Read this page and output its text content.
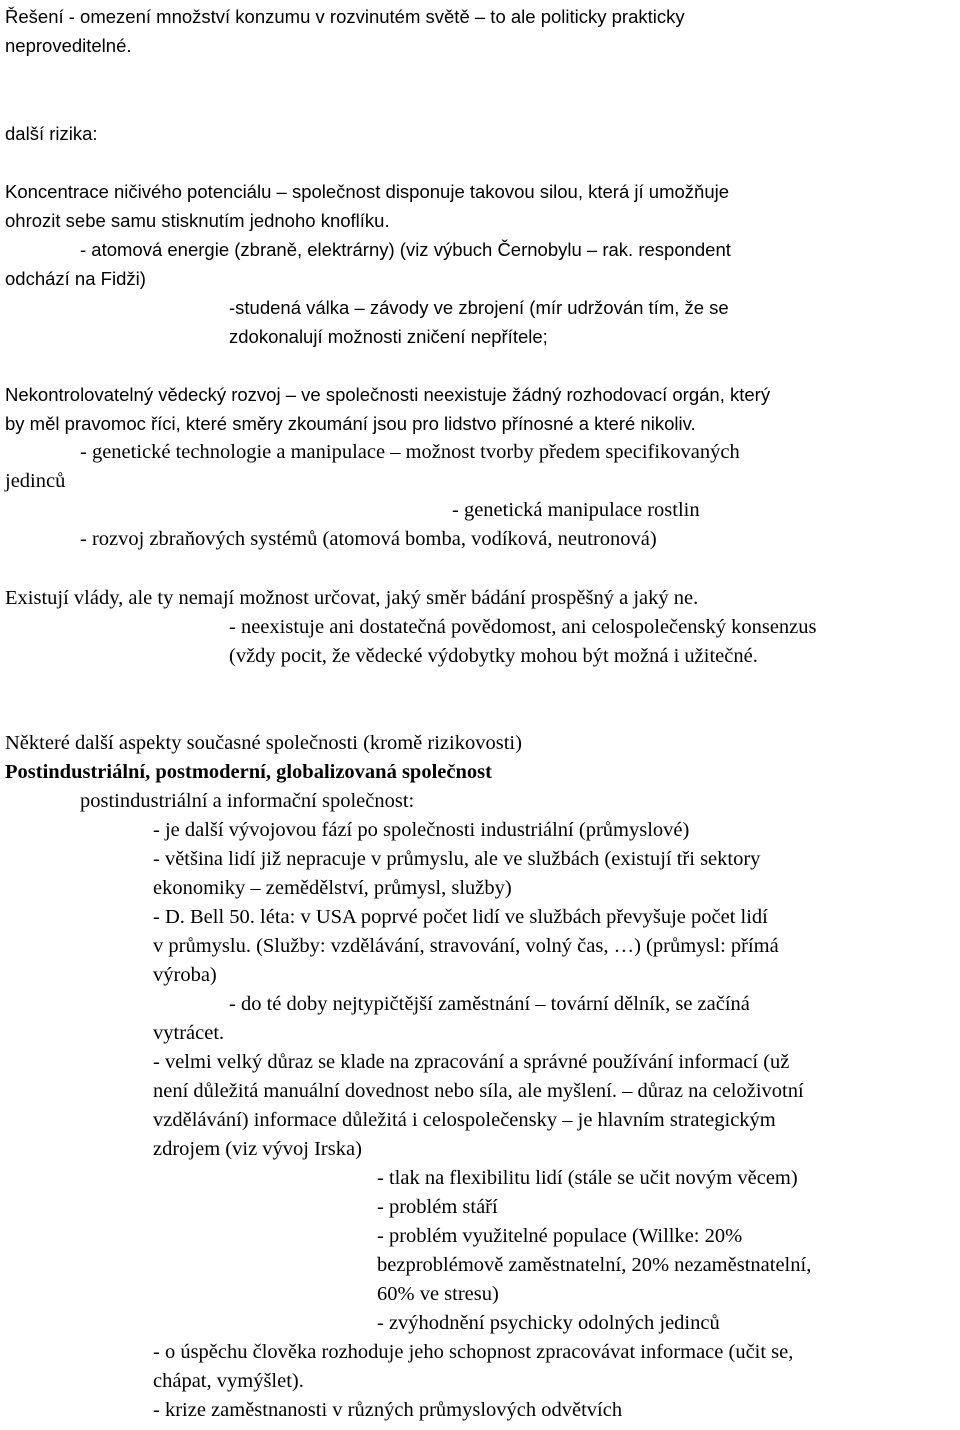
Řešení - omezení množství konzumu v rozvinutém světě – to ale politicky prakticky
neproveditelné.
další rizika:
Koncentrace ničivého potenciálu – společnost disponuje takovou silou, která jí umožňuje
ohrozit sebe samu stisknutím jednoho knoflíku.
- atomová energie (zbraně, elektrárny) (viz výbuch Černobylu – rak. respondent
odchází na Fidži)
-studená válka – závody ve zbrojení (mír udržován tím, že se
zdokonalují možnosti zničení nepřítele;
Nekontrolovatelný vědecký rozvoj – ve společnosti neexistuje žádný rozhodovací orgán, který
by měl pravomoc říci, které směry zkoumání jsou pro lidstvo přínosné a které nikoliv.
- genetické technologie a manipulace – možnost tvorby předem specifikovaných
jedinců
- genetická manipulace rostlin
- rozvoj zbraňových systémů (atomová bomba, vodíková, neutronová)
Existují vlády, ale ty nemají možnost určovat, jaký směr bádání prospěšný a jaký ne.
- neexistuje ani dostatečná povědomost, ani celospolečenský konsenzus
(vždy pocit, že vědecké výdobytky mohou být možná i užitečné.
Některé další aspekty současné společnosti (kromě rizikovosti)
Postindustriální, postmoderní, globalizovaná společnost
postindustriální a informační společnost:
- je další vývojovou fází po společnosti industriální (průmyslové)
- většina lidí již nepracuje v průmyslu, ale ve službách (existují tři sektory
ekonomiky – zemědělství, průmysl, služby)
- D. Bell 50. léta: v USA poprvé počet lidí ve službách převyšuje počet lidí
v průmyslu. (Služby: vzdělávání, stravování, volný čas, …) (průmysl: přímá
výroba)
- do té doby nejtypičtější zaměstnání – tovární dělník, se začíná
vytrácet.
- velmi velký důraz se klade na zpracování a správné používání informací (už
není důležitá manuální dovednost nebo síla, ale myšlení. – důraz na celoživotní
vzdělávání) informace důležitá i celospolečensky – je hlavním strategickým
zdrojem (viz vývoj Irska)
- tlak na flexibilitu lidí (stále se učit novým věcem)
- problém stáří
- problém využitelné populace (Willke: 20%
bezproblémově zaměstnatelní, 20% nezaměstnatelní,
60% ve stresu)
- zvýhodnění psychicky odolných jedinců
- o úspěchu člověka rozhoduje jeho schopnost zpracovávat informace (učit se,
chápat, vymýšlet).
- krize zaměstnanosti v různých průmyslových odvětvích
